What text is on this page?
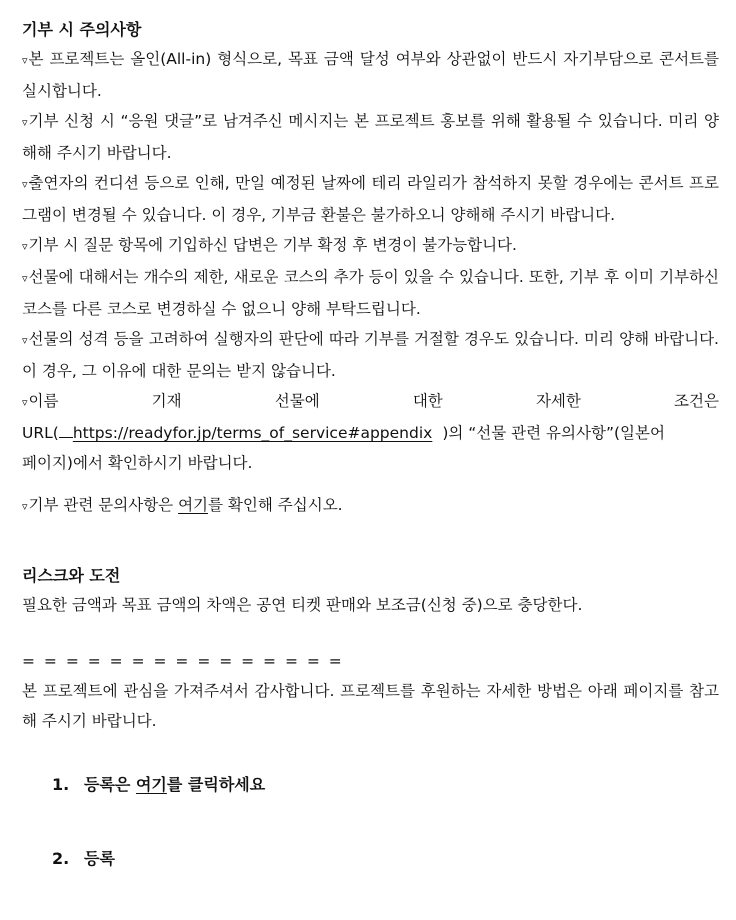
기부 시 주의사항

▿본 프로젝트는 올인(All-in) 형식으로, 목표 금액 달성 여부와 상관없이 반드시 자기부담으로 콘서트를 실시합니다.

▿기부 신청 시 “응원 댓글”로 남겨주신 메시지는 본 프로젝트 홍보를 위해 활용될 수 있습니다. 미리 양해해 주시기 바랍니다.

▿출연자의 컨디션 등으로 인해, 만일 예정된 날짜에 테리 라일리가 참석하지 못할 경우에는 콘서트 프로그램이 변경될 수 있습니다. 이 경우, 기부금 환불은 불가하오니 양해해 주시기 바랍니다.

▿기부 시 질문 항목에 기입하신 답변은 기부 확정 후 변경이 불가능합니다.

▿선물에 대해서는 개수의 제한, 새로운 코스의 추가 등이 있을 수 있습니다. 또한, 기부 후 이미 기부하신 코스를 다른 코스로 변경하실 수 없으니 양해 부탁드립니다.

▿선물의 성격 등을 고려하여 실행자의 판단에 따라 기부를 거절할 경우도 있습니다. 미리 양해 바랍니다. 이 경우, 그 이유에 대한 문의는 받지 않습니다.

▿이름	기재	선물에	대한	자세한	조건은
URL( https://readyfor.jp/terms_of_service#appendix )의 “선물 관련 유의사항”(일본어

페이지)에서 확인하시기 바랍니다.

▿기부 관련 문의사항은 여기를 확인해 주십시오.

리스크와 도전

필요한 금액과 목표 금액의 차액은 공연 티켓 판매와 보조금(신청 중)으로 충당한다.

= = = = = = = = = = = = = = =

본 프로젝트에 관심을 가져주셔서 감사합니다. 프로젝트를 후원하는 자세한 방법은 아래 페이지를 참고해 주시기 바랍니다.

1. 등록은 여기를 클릭하세요
2. 등록
